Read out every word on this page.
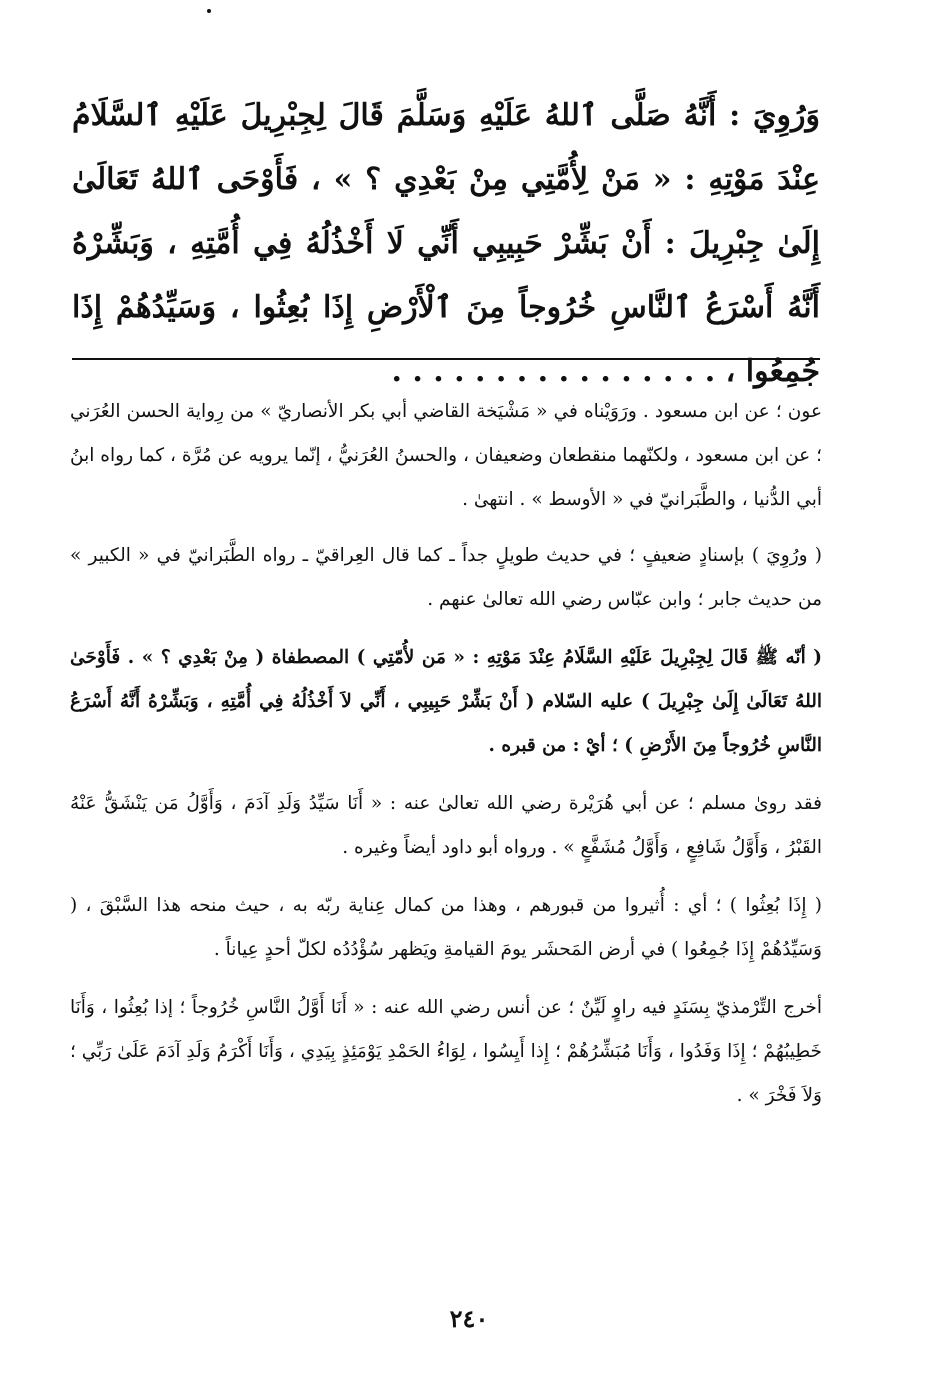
وَرُوِيَ : أَنَّهُ صَلَّى ٱللهُ عَلَيْهِ وَسَلَّمَ قَالَ لِجِبْرِيلَ عَلَيْهِ ٱلسَّلَامُ عِنْدَ مَوْتِهِ : « مَنْ لِأُمَّتِي مِنْ بَعْدِي ؟ » ، فَأَوْحَى ٱللهُ تَعَالَىٰ إِلَىٰ جِبْرِيلَ : أَنْ بَشِّرْ حَبِيبِي أَنِّي لَا أَخْذُلُهُ فِي أُمَّتِهِ ، وَبَشِّرْهُ أَنَّهُ أَسْرَعُ ٱلنَّاسِ خُرُوجاً مِنَ ٱلْأَرْضِ إِذَا بُعِثُوا ، وَسَيِّدُهُمْ إِذَا جُمِعُوا ، . . . . . . . . . . . . . . . .

عون ؛ عن ابن مسعود . ورَوَيْناه في « مَشْيَخة القاضي أبي بكر الأنصاريّ » من رِواية الحسن العُرَني ؛ عن ابن مسعود ، ولكنّهما منقطعان وضعيفان ، والحسنُ العُرَنيُّ ، إنّما يرويه عن مُرَّة ، كما رواه ابنُ أبي الدُّنيا ، والطَّبَرانيّ في « الأوسط » . انتهىٰ .

( ورُوِيَ ) بإسنادٍ ضعيفٍ ؛ في حديث طويلٍ جداً ـ كما قال العِراقيّ ـ رواه الطَّبَرانيّ في « الكبير » من حديث جابر ؛ وابن عبّاس رضي الله تعالىٰ عنهم .

( أنّه ﷺ قَالَ لِجِبْرِيلَ عَلَيْهِ السَّلَامُ عِنْدَ مَوْتِهِ : « مَن لأُمّتِي ) المصطفاة ( مِنْ بَعْدِي ؟ » . فَأَوْحَىٰ اللهُ تَعَالَىٰ إِلَىٰ جِبْرِيلَ ) عليه السّلام ( أَنْ بَشِّرْ حَبِيبِي ، أَنِّي لاَ أَخْذُلُهُ فِي أُمَّتِهِ ، وَبَشِّرْهُ أَنَّهُ أَسْرَعُ النَّاسِ خُرُوجاً مِنَ الأَرْضِ ) ؛ أيْ : من قبره .

فقد روىٰ مسلم ؛ عن أبي هُرَيْرة رضي الله تعالىٰ عنه : « أَنَا سَيِّدُ وَلَدِ آدَمَ ، وَأَوَّلُ مَن يَنْشَقُّ عَنْهُ القَبْرُ ، وَأَوَّلُ شَافِعٍ ، وَأَوَّلُ مُشَفَّعٍ » . ورواه أبو داود أيضاً وغيره .

( إِذَا بُعِثُوا ) ؛ أي : أُثيروا من قبورهم ، وهذا من كمال عِناية ربّه به ، حيث منحه هذا السَّبْقَ ، ( وَسَيِّدُهُمْ إِذَا جُمِعُوا ) في أرض المَحشَر يومَ القيامةِ ويَظهر سُؤْدُدُه لكلّ أحدٍ عِياناً .

أخرج التِّرْمذيّ بِسَنَدٍ فيه راوٍ لَيِّنٌ ؛ عن أنس رضي الله عنه : « أَنَا أَوَّلُ النَّاسِ خُرُوجاً ؛ إذا بُعِثُوا ، وَأَنَا خَطِيبُهُمْ ؛ إِذَا وَفَدُوا ، وَأَنَا مُبَشِّرُهُمْ ؛ إِذا أَيِسُوا ، لِوَاءُ الحَمْدِ يَوْمَئِذٍ بِيَدِي ، وَأَنَا أَكْرَمُ وَلَدِ آدَمَ عَلَىٰ رَبِّي ؛ وَلاَ فَخْرَ » .

٢٤٠
